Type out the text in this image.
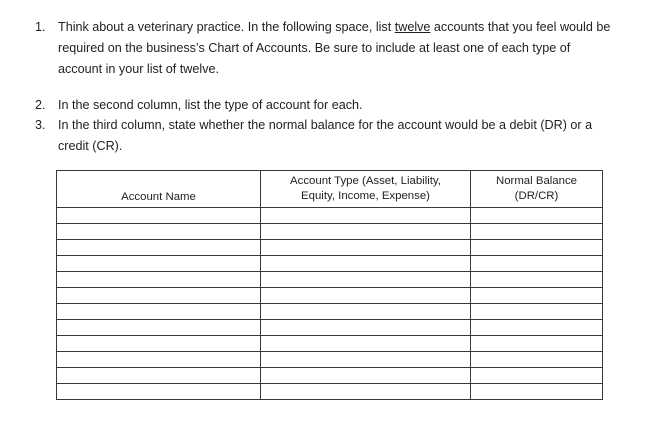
1. Think about a veterinary practice. In the following space, list twelve accounts that you feel would be
required on the business’s Chart of Accounts. Be sure to include at least one of each type of
account in your list of twelve.
2. In the second column, list the type of account for each.
3. In the third column, state whether the normal balance for the account would be a debit (DR) or a
credit (CR).
Account Name	Account Type (Asset, Liability,
Equity, Income, Expense)	Normal Balance
(DR/CR)
